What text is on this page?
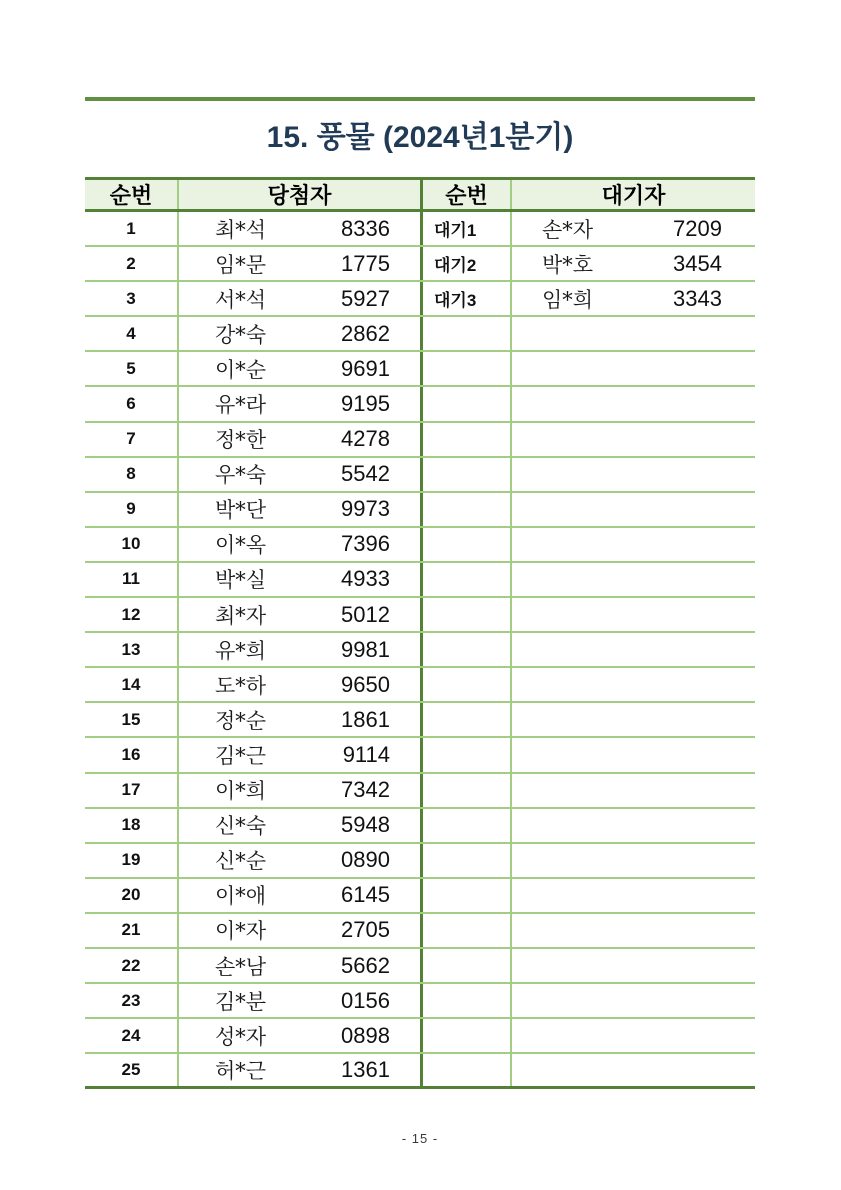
15. 풍물 (2024년1분기)
순번	당첨자	순번	대기자
1	최*석	8336	대기1	손*자	7209
2	임*문	1775	대기2	박*호	3454
3	서*석	5927	대기3	임*희	3343
4	강*숙	2862
5	이*순	9691
6	유*라	9195
7	정*한	4278
8	우*숙	5542
9	박*단	9973
10	이*옥	7396
11	박*실	4933
12	최*자	5012
13	유*희	9981
14	도*하	9650
15	정*순	1861
16	김*근	9114
17	이*희	7342
18	신*숙	5948
19	신*순	0890
20	이*애	6145
21	이*자	2705
22	손*남	5662
23	김*분	0156
24	성*자	0898
25	허*근	1361
- 15 -
